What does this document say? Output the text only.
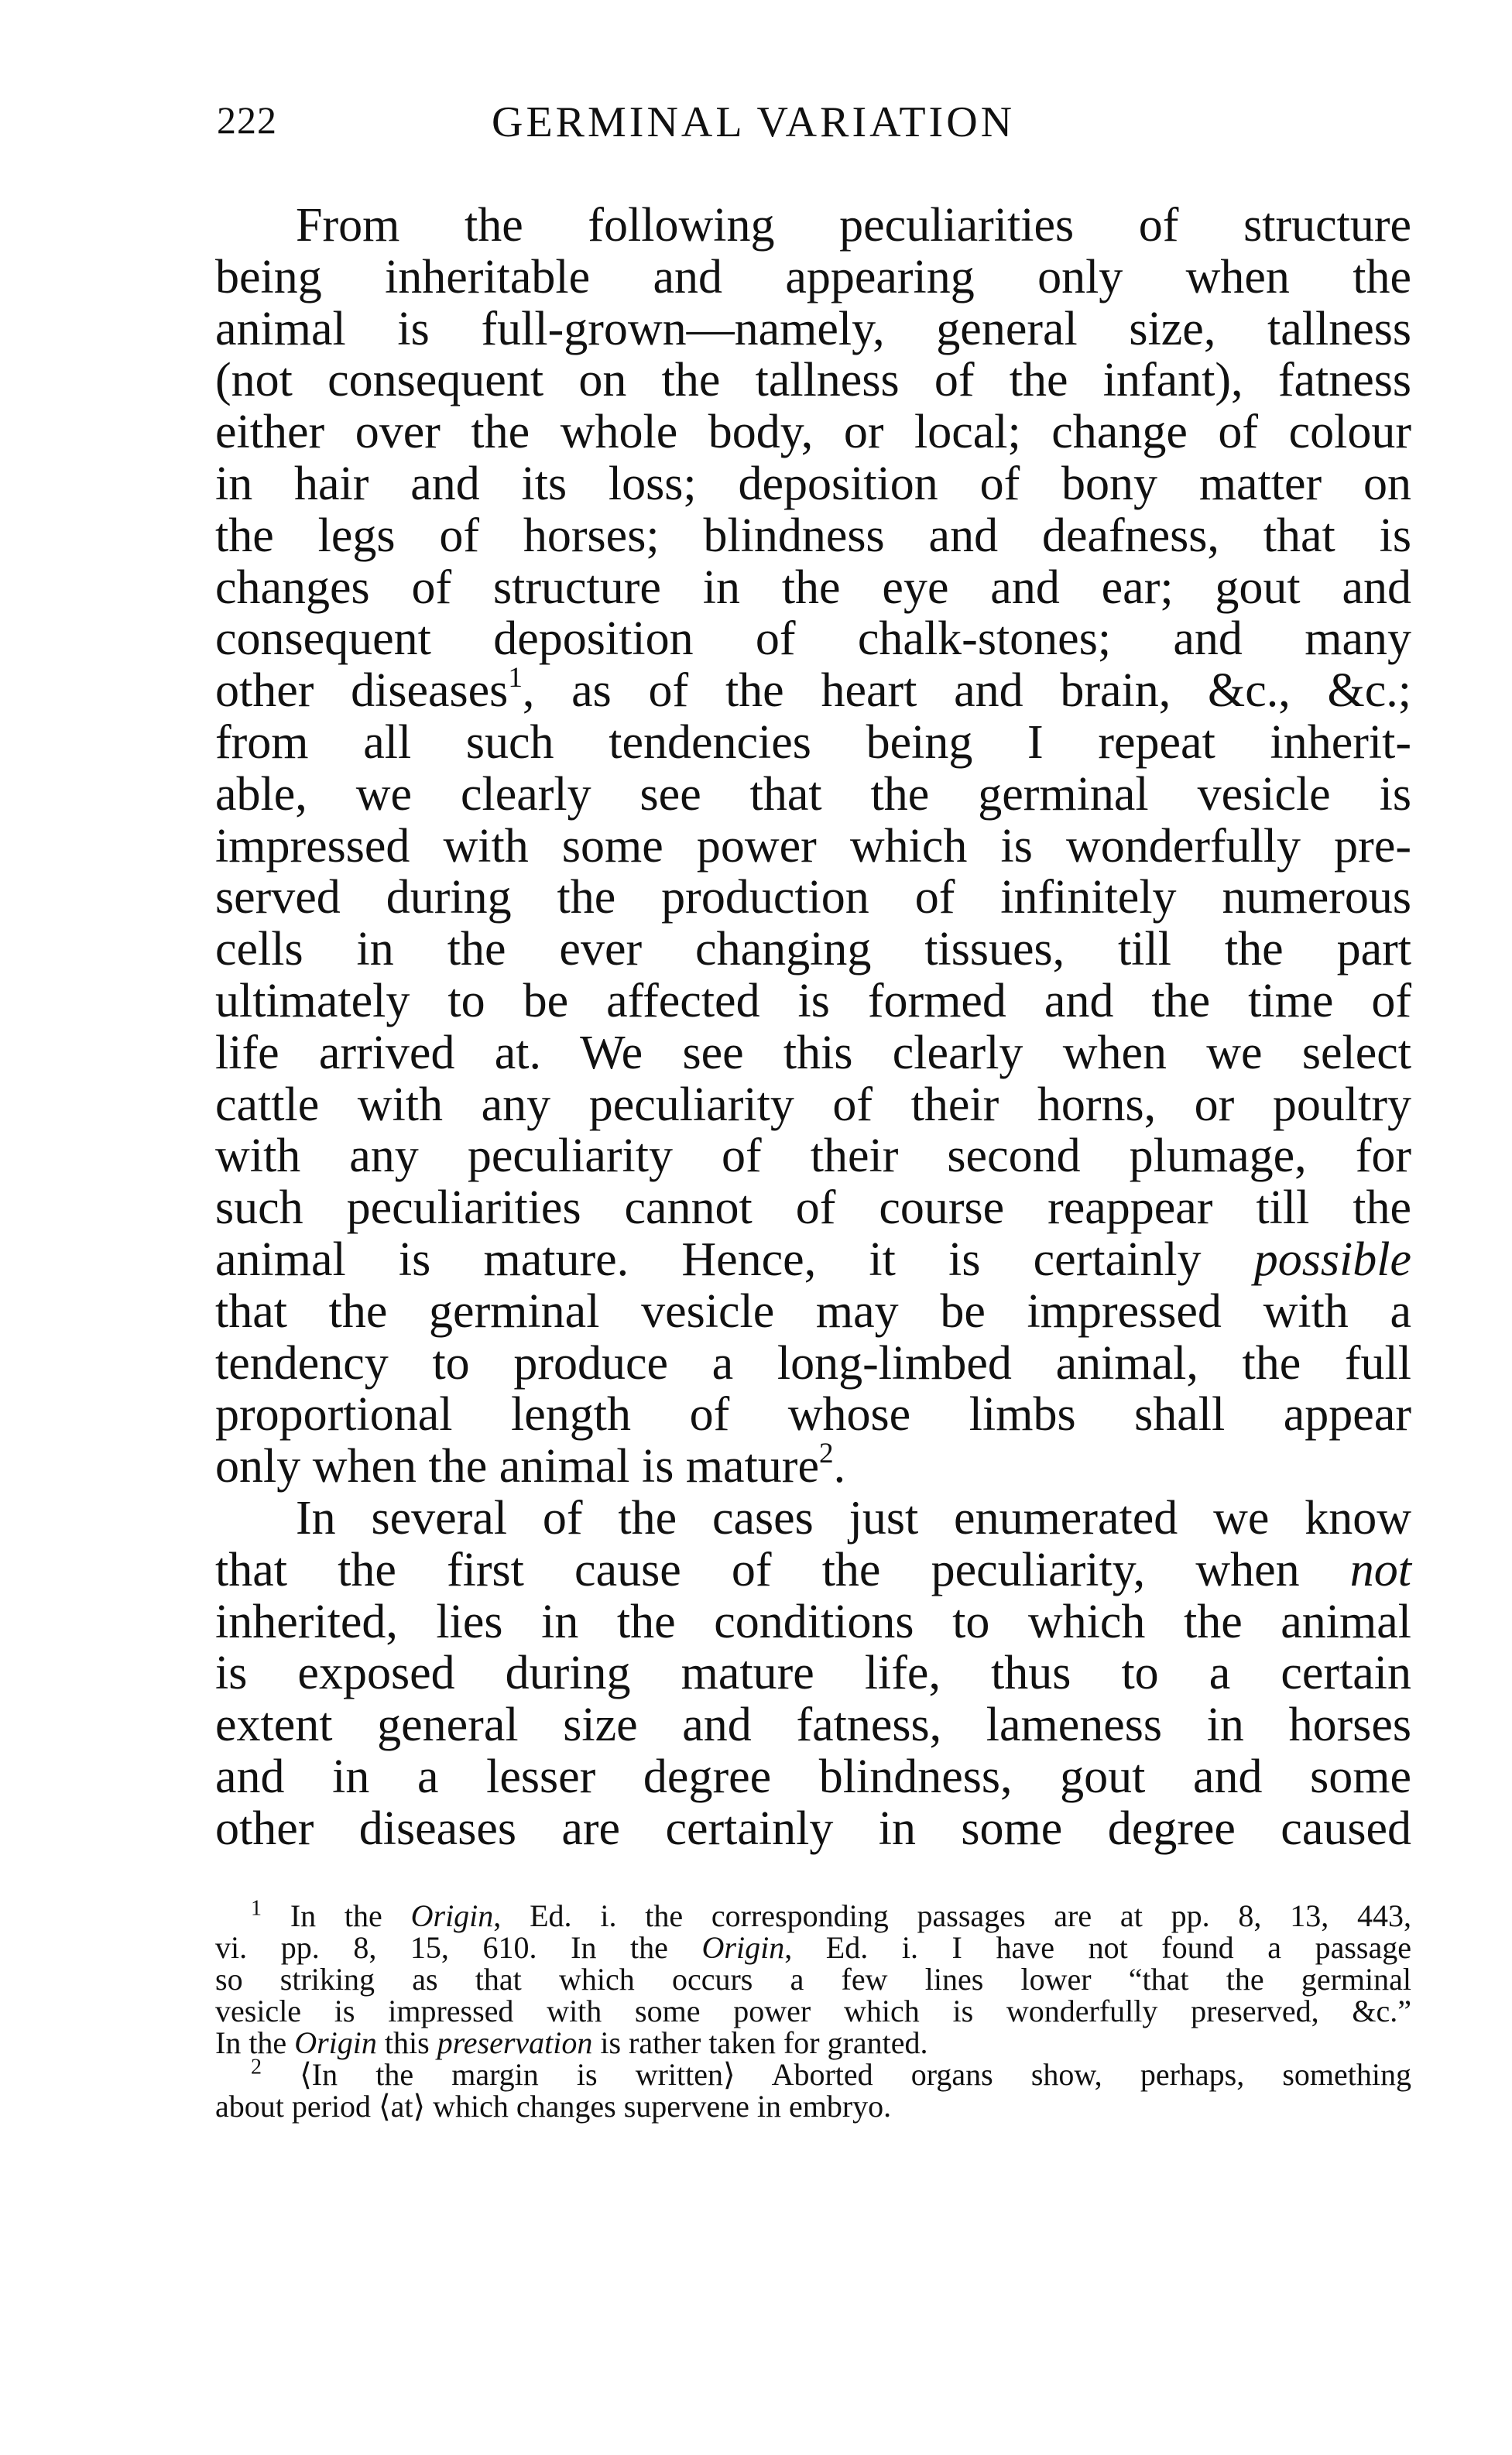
222	GERMINAL VARIATION
From the following peculiarities of structure
being inheritable and appearing only when the
animal is full-grown—namely, general size, tallness
(not consequent on the tallness of the infant), fatness
either over the whole body, or local; change of colour
in hair and its loss; deposition of bony matter on
the legs of horses; blindness and deafness, that is
changes of structure in the eye and ear; gout and
consequent deposition of chalk-stones; and many
other diseases$^1$, as of the heart and brain, &c., &c.;
from all such tendencies being I repeat inherit-
able, we clearly see that the germinal vesicle is
impressed with some power which is wonderfully pre-
served during the production of infinitely numerous
cells in the ever changing tissues, till the part
ultimately to be affected is formed and the time of
life arrived at. We see this clearly when we select
cattle with any peculiarity of their horns, or poultry
with any peculiarity of their second plumage, for
such peculiarities cannot of course reappear till the
animal is mature. Hence, it is certainly possible
that the germinal vesicle may be impressed with a
tendency to produce a long-limbed animal, the full
proportional length of whose limbs shall appear
only when the animal is mature$^2$.
In several of the cases just enumerated we know
that the first cause of the peculiarity, when not
inherited, lies in the conditions to which the animal
is exposed during mature life, thus to a certain
extent general size and fatness, lameness in horses
and in a lesser degree blindness, gout and some
other diseases are certainly in some degree caused
$^1$ In the Origin, Ed. i. the corresponding passages are at pp. 8, 13, 443,
vi. pp. 8, 15, 610. In the Origin, Ed. i. I have not found a passage
so striking as that which occurs a few lines lower “that the germinal
vesicle is impressed with some power which is wonderfully preserved, &c.”
In the Origin this preservation is rather taken for granted.
$^2$ ⟨In the margin is written⟩ Aborted organs show, perhaps, something
about period ⟨at⟩ which changes supervene in embryo.
